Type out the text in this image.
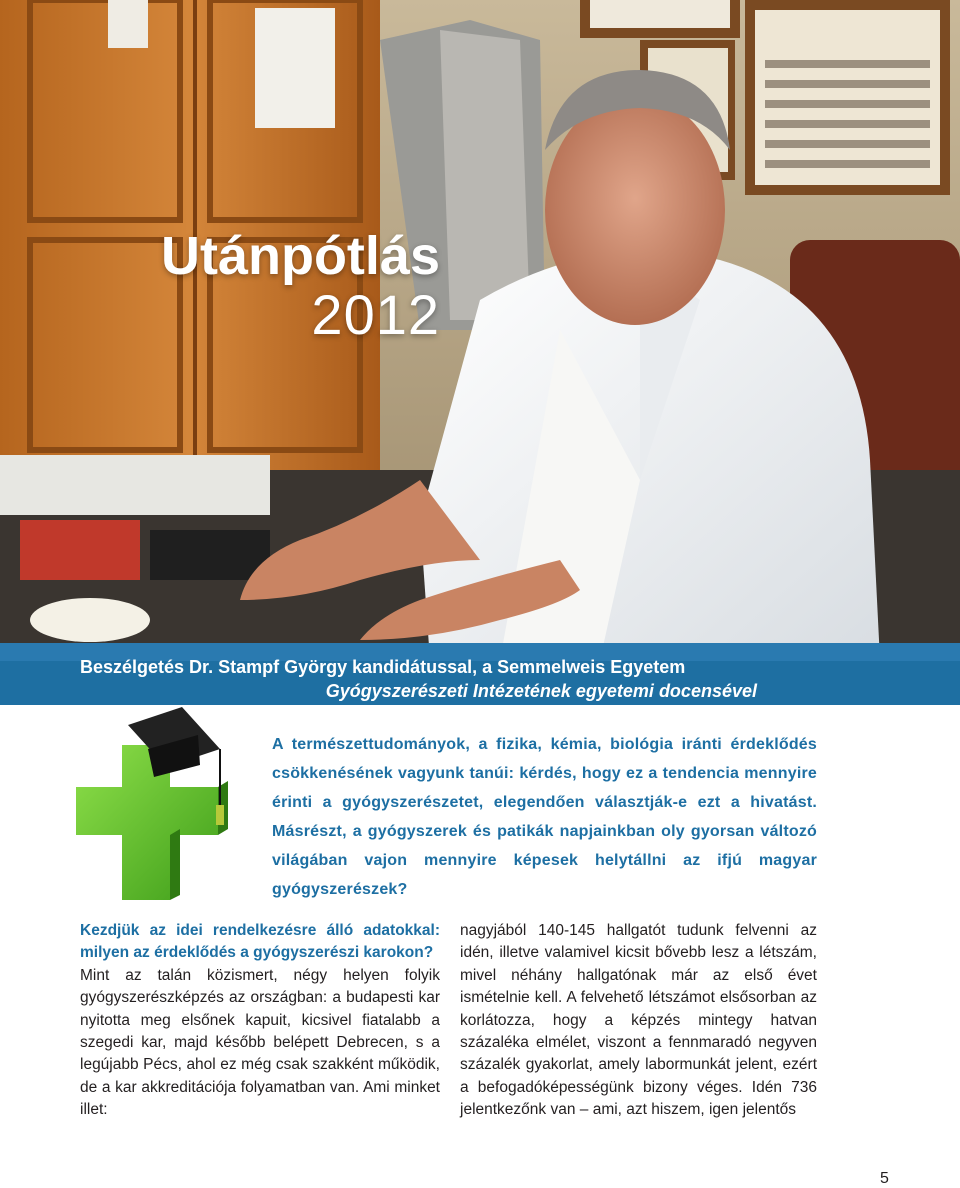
Utánpótlás
2012
Beszélgetés Dr. Stampf György kandidátussal, a Semmelweis Egyetem
Gyógyszerészeti Intézetének egyetemi docensével
A természettudományok, a fizika, kémia, biológia iránti érdeklődés csökkenésének vagyunk tanúi: kérdés, hogy ez a tendencia mennyire érinti a gyógyszerészetet, elegendően választják-e ezt a hivatást. Másrészt, a gyógyszerek és patikák napjainkban oly gyorsan változó világában vajon mennyire képesek helytállni az ifjú magyar gyógyszerészek?
Kezdjük az idei rendelkezésre álló adatokkal: milyen az érdeklődés a gyógyszerészi karokon?
Mint az talán közismert, négy helyen folyik gyógyszerészképzés az országban: a budapesti kar nyitotta meg elsőnek kapuit, kicsivel fiatalabb a szegedi kar, majd később belépett Debrecen, s a legújabb Pécs, ahol ez még csak szakként működik, de a kar akkreditációja folyamatban van. Ami minket illet:
nagyjából 140-145 hallgatót tudunk felvenni az idén, illetve valamivel kicsit bővebb lesz a létszám, mivel néhány hallgatónak már az első évet ismételnie kell. A felvehető létszámot elsősorban az korlátozza, hogy a képzés mintegy hatvan százaléka elmélet, viszont a fennmaradó negyven százalék gyakorlat, amely labormunkát jelent, ezért a befogadóképességünk bizony véges. Idén 736 jelentkezőnk van – ami, azt hiszem, igen jelentős
5
